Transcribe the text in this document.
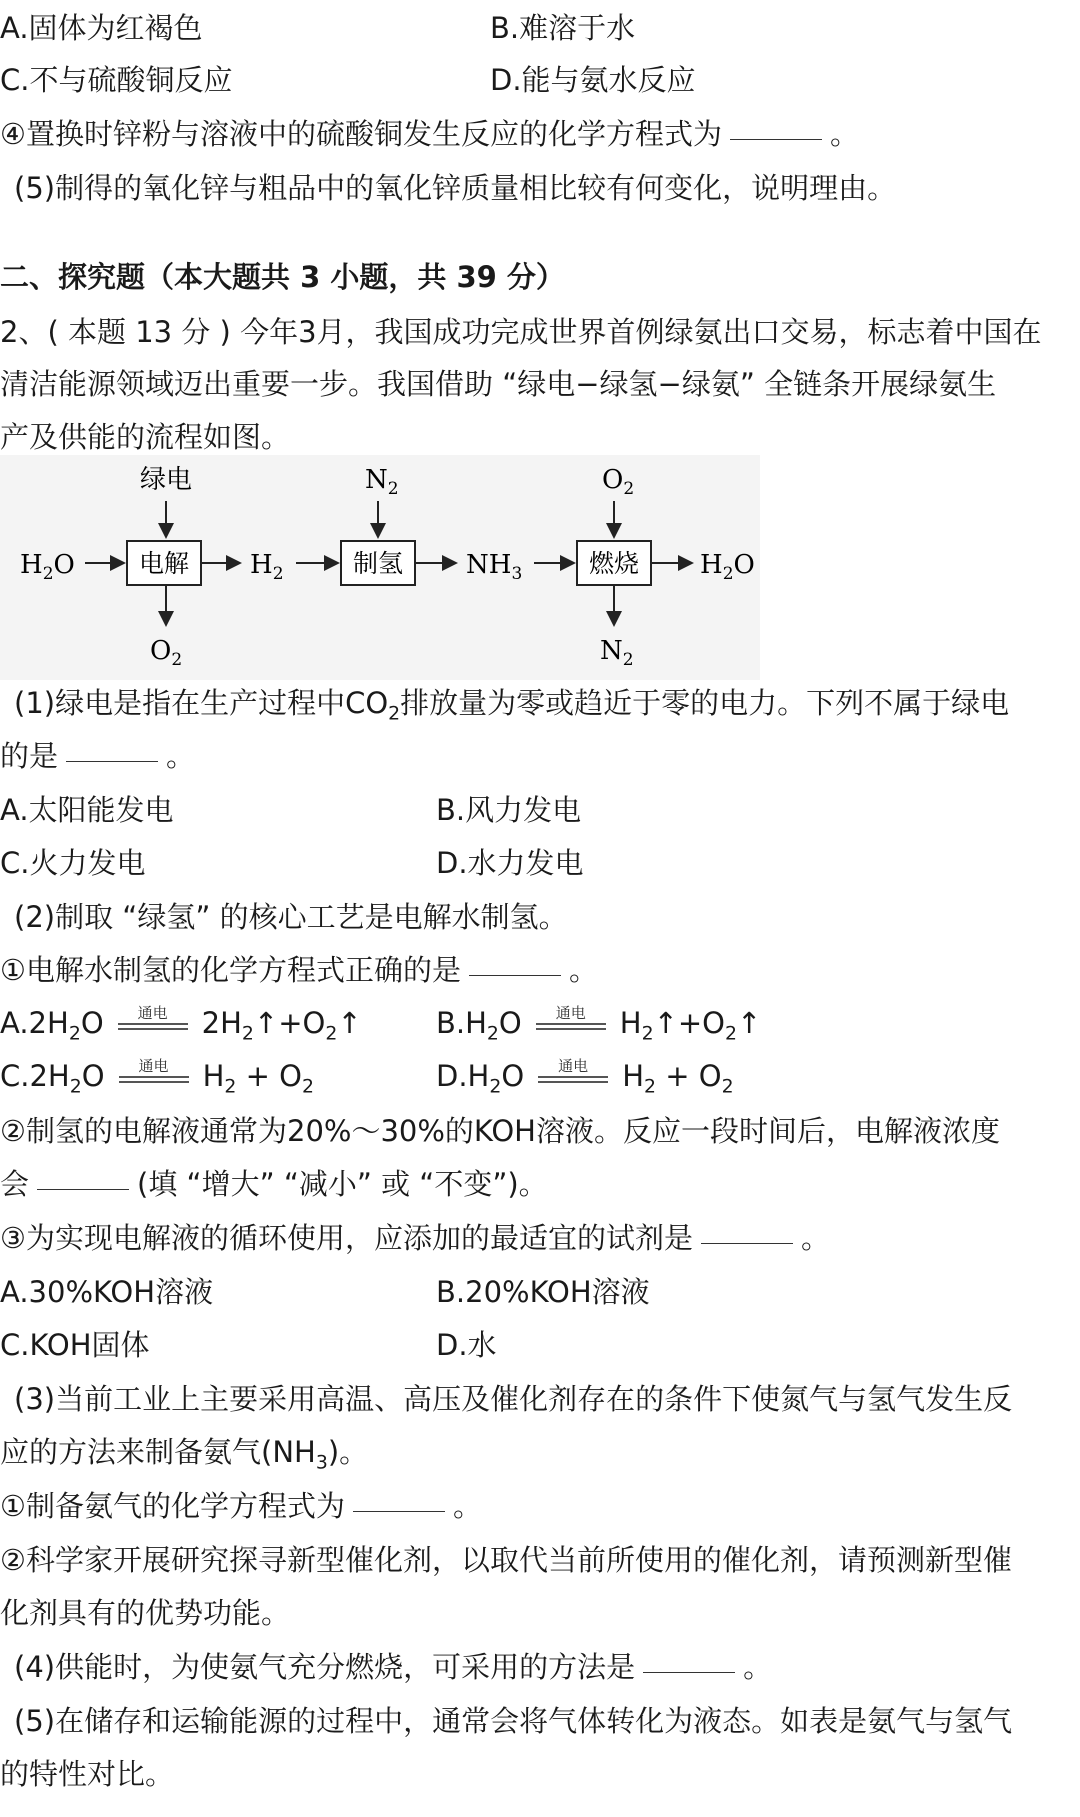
A.固体为红褐色	B.难溶于水
C.不与硫酸铜反应	D.能与氨水反应
④置换时锌粉与溶液中的硫酸铜发生反应的化学方程式为	。
(5)制得的氧化锌与粗品中的氧化锌质量相比较有何变化，说明理由。
二、探究题（本大题共 3 小题，共 39 分）
2、( 本题 13 分 ) 今年3月，我国成功完成世界首例绿氨出口交易，标志着中国在
清洁能源领域迈出重要一步。我国借助 “绿电−绿氢−绿氨” 全链条开展绿氨生
产及供能的流程如图。
绿电	$N_2$	$O_2$
电解	制氢	燃烧
$H_2O$	$H_2$	$NH_3$	$H_2O$
$O_2$	$N_2$
(1)绿电是指在生产过程中$CO_2$排放量为零或趋近于零的电力。下列不属于绿电
的是	。
A.太阳能发电	B.风力发电
C.火力发电	D.水力发电
(2)制取 “绿氢” 的核心工艺是电解水制氢。
①电解水制氢的化学方程式正确的是	。
$A.2H_2O$	通电	$2H_2↑+O_2↑$	$B.H_2O$	通电	$H_2↑+O_2↑$
$C.2H_2O$	通电	$H_2 + O_2$	$D.H_2O$	通电	$H_2 + O_2$
②制氢的电解液通常为20%～30%的KOH溶液。反应一段时间后，电解液浓度
会	(填 “增大” “减小” 或 “不变”)。
③为实现电解液的循环使用，应添加的最适宜的试剂是	。
A.30%KOH溶液	B.20%KOH溶液
C.KOH固体	D.水
(3)当前工业上主要采用高温、高压及催化剂存在的条件下使氮气与氢气发生反
应的方法来制备氨气$(NH_3)$。
①制备氨气的化学方程式为	。
②科学家开展研究探寻新型催化剂，以取代当前所使用的催化剂，请预测新型催
化剂具有的优势功能。
(4)供能时，为使氨气充分燃烧，可采用的方法是	。
(5)在储存和运输能源的过程中，通常会将气体转化为液态。如表是氨气与氢气
的特性对比。
